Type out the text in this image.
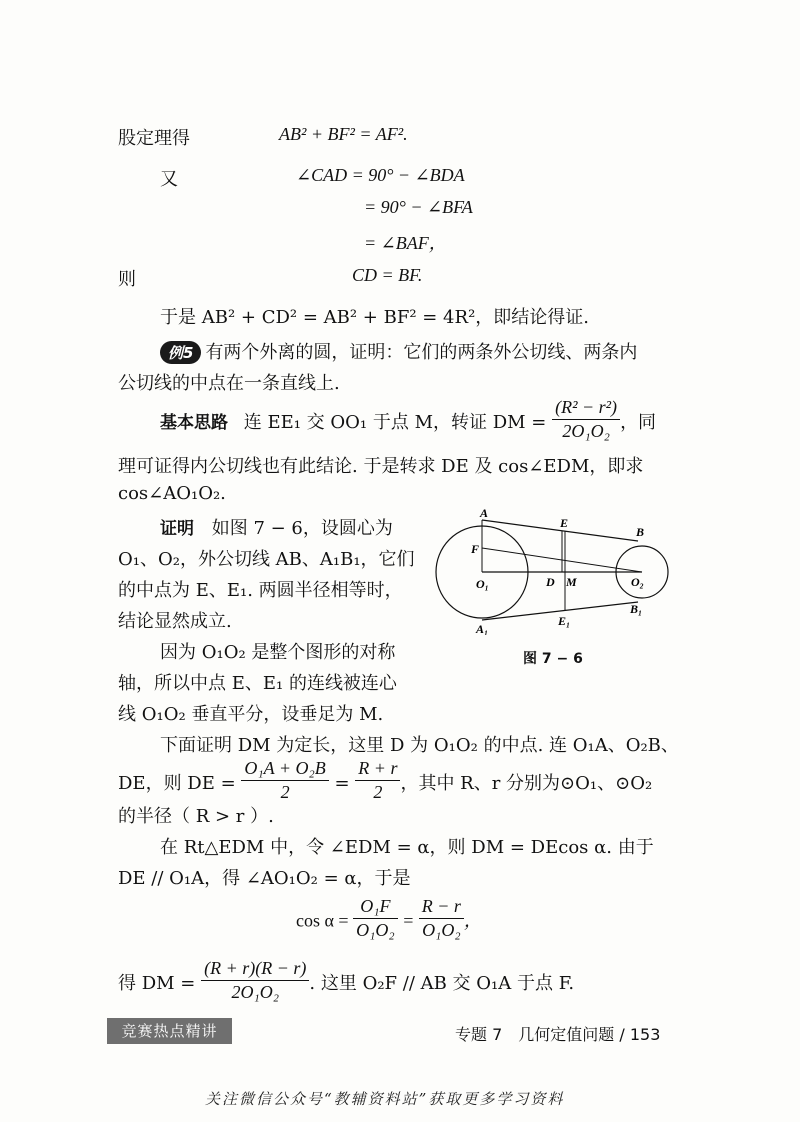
股定理得	AB² + BF² = AF².
又	∠CAD = 90° − ∠BDA
= 90° − ∠BFA
= ∠BAF，
则	CD = BF.
于是 AB² + CD² = AB² + BF² = 4R²，即结论得证.
例5 有两个外离的圆，证明：它们的两条外公切线、两条内
公切线的中点在一条直线上.
基本思路 连 EE₁ 交 OO₁ 于点 M，转证 DM = $\frac{\text{(R² − r²)}}{\text{2O₁O₂}}$ ，同
理可证得内公切线也有此结论. 于是转求 DE 及 cos∠EDM，即求
cos∠AO₁O₂.
证明 如图 7 − 6，设圆心为
O₁、O₂，外公切线 AB、A₁B₁，它们
的中点为 E、E₁. 两圆半径相等时，
结论显然成立.
因为 O₁O₂ 是整个图形的对称
轴，所以中点 E、E₁ 的连线被连心
线 O₁O₂ 垂直平分，设垂足为 M.
A
B
E
F
O₁	D M	O₂
E₁
B₁
A₁
图 7 − 6
下面证明 DM 为定长，这里 D 为 O₁O₂ 的中点. 连 O₁A、O₂B、
DE，则 DE = $\frac{\text{O₁A + O₂B}}{2} = \frac{R + r}{2}$ ，其中 R、r 分别为⊙O₁、⊙O₂
的半径（ R > r ）.
在 Rt△EDM 中，令 ∠EDM = α，则 DM = DEcos α. 由于
DE // O₁A，得 ∠AO₁O₂ = α，于是
$\cos \alpha = \frac{\text{O₁F}}{\text{O₁O₂}} = \frac{R - r}{\text{O₁O₂}}$ ，
得 DM = $\frac{(R + r)(R - r)}{\text{2O₁O₂}}$ . 这里 O₂F // AB 交 O₁A 于点 F.
竞赛热点精讲	专题 7　几何定值问题 / 153
关注微信公众号“教辅资料站”获取更多学习资料
